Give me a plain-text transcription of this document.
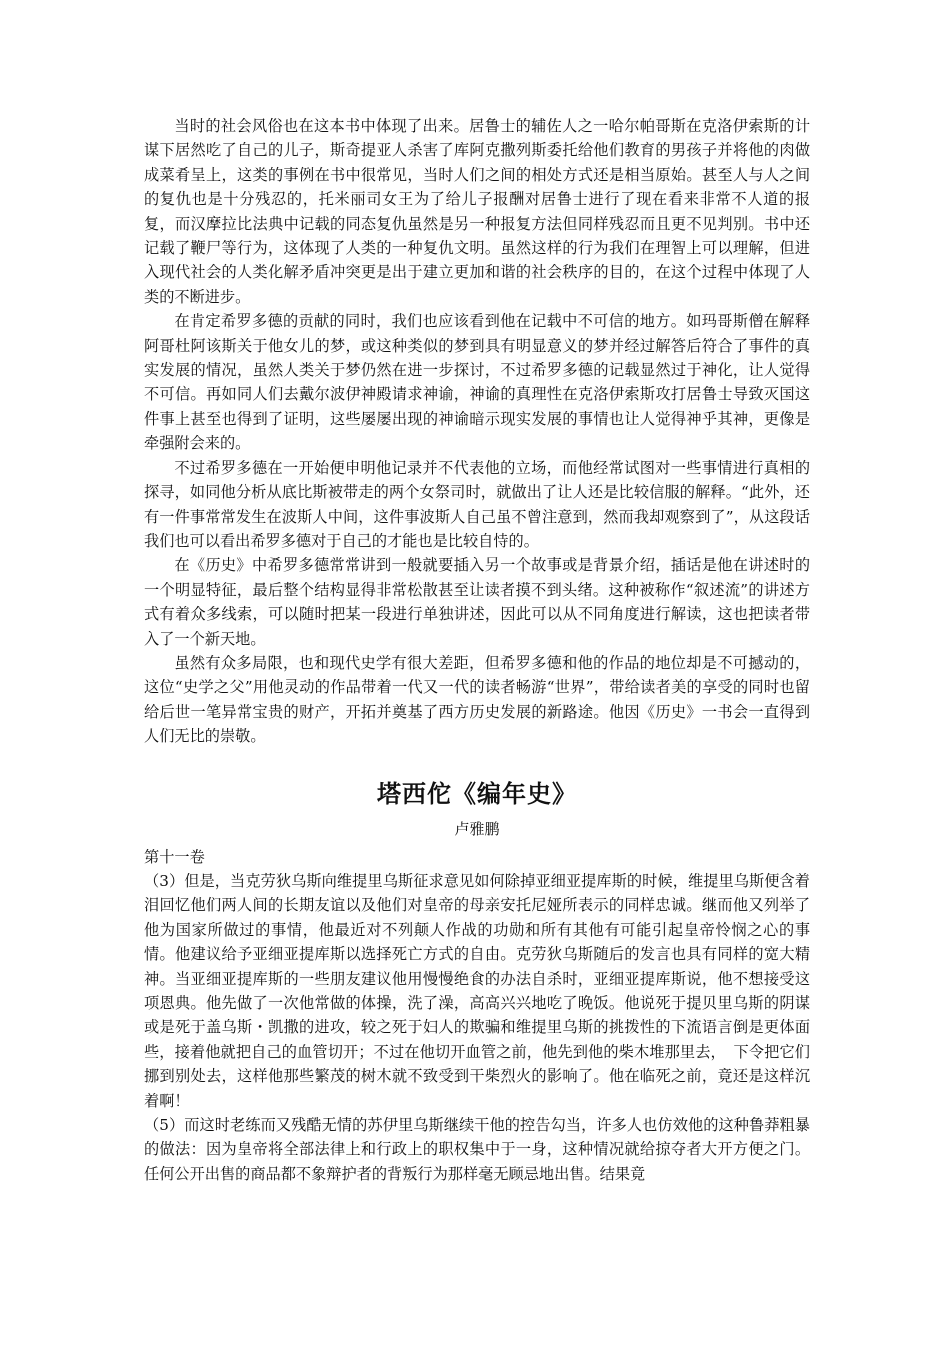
当时的社会风俗也在这本书中体现了出来。居鲁士的辅佐人之一哈尔帕哥斯在克洛伊索斯的计谋下居然吃了自己的儿子，斯奇提亚人杀害了库阿克撒列斯委托给他们教育的男孩子并将他的肉做成菜肴呈上，这类的事例在书中很常见，当时人们之间的相处方式还是相当原始。甚至人与人之间的复仇也是十分残忍的，托米丽司女王为了给儿子报酬对居鲁士进行了现在看来非常不人道的报复，而汉摩拉比法典中记载的同态复仇虽然是另一种报复方法但同样残忍而且更不见判别。书中还记载了鞭尸等行为，这体现了人类的一种复仇文明。虽然这样的行为我们在理智上可以理解，但进入现代社会的人类化解矛盾冲突更是出于建立更加和谐的社会秩序的目的，在这个过程中体现了人类的不断进步。

在肯定希罗多德的贡献的同时，我们也应该看到他在记载中不可信的地方。如玛哥斯僧在解释阿哥杜阿该斯关于他女儿的梦，或这种类似的梦到具有明显意义的梦并经过解答后符合了事件的真实发展的情况，虽然人类关于梦仍然在进一步探讨，不过希罗多德的记载显然过于神化，让人觉得不可信。再如同人们去戴尔波伊神殿请求神谕，神谕的真理性在克洛伊索斯攻打居鲁士导致灭国这件事上甚至也得到了证明，这些屡屡出现的神谕暗示现实发展的事情也让人觉得神乎其神，更像是牵强附会来的。

不过希罗多德在一开始便申明他记录并不代表他的立场，而他经常试图对一些事情进行真相的探寻，如同他分析从底比斯被带走的两个女祭司时，就做出了让人还是比较信服的解释。“此外，还有一件事常常发生在波斯人中间，这件事波斯人自己虽不曾注意到，然而我却观察到了”，从这段话我们也可以看出希罗多德对于自己的才能也是比较自恃的。

在《历史》中希罗多德常常讲到一般就要插入另一个故事或是背景介绍，插话是他在讲述时的一个明显特征，最后整个结构显得非常松散甚至让读者摸不到头绪。这种被称作“叙述流”的讲述方式有着众多线索，可以随时把某一段进行单独讲述，因此可以从不同角度进行解读，这也把读者带入了一个新天地。

虽然有众多局限，也和现代史学有很大差距，但希罗多德和他的作品的地位却是不可撼动的，这位“史学之父”用他灵动的作品带着一代又一代的读者畅游“世界”，带给读者美的享受的同时也留给后世一笔异常宝贵的财产，开拓并奠基了西方历史发展的新路途。他因《历史》一书会一直得到人们无比的崇敬。

塔西佗《编年史》
卢雅鹏
第十一卷

（3）但是，当克劳狄乌斯向维提里乌斯征求意见如何除掉亚细亚提库斯的时候，维提里乌斯便含着泪回忆他们两人间的长期友谊以及他们对皇帝的母亲安托尼娅所表示的同样忠诚。继而他又列举了他为国家所做过的事情，他最近对不列颠人作战的功勋和所有其他有可能引起皇帝怜悯之心的事情。他建议给予亚细亚提库斯以选择死亡方式的自由。克劳狄乌斯随后的发言也具有同样的宽大精神。当亚细亚提库斯的一些朋友建议他用慢慢绝食的办法自杀时，亚细亚提库斯说，他不想接受这项恩典。他先做了一次他常做的体操，洗了澡，高高兴兴地吃了晚饭。他说死于提贝里乌斯的阴谋或是死于盖乌斯・凯撒的进攻，较之死于妇人的欺骗和维提里乌斯的挑拨性的下流语言倒是更体面些，接着他就把自己的血管切开；不过在他切开血管之前，他先到他的柴木堆那里去，　下令把它们挪到别处去，这样他那些繁茂的树木就不致受到干柴烈火的影响了。他在临死之前，竟还是这样沉着啊！

（5）而这时老练而又残酷无情的苏伊里乌斯继续干他的控告勾当，许多人也仿效他的这种鲁莽粗暴的做法：因为皇帝将全部法律上和行政上的职权集中于一身，这种情况就给掠夺者大开方便之门。任何公开出售的商品都不象辩护者的背叛行为那样毫无顾忌地出售。结果竟
